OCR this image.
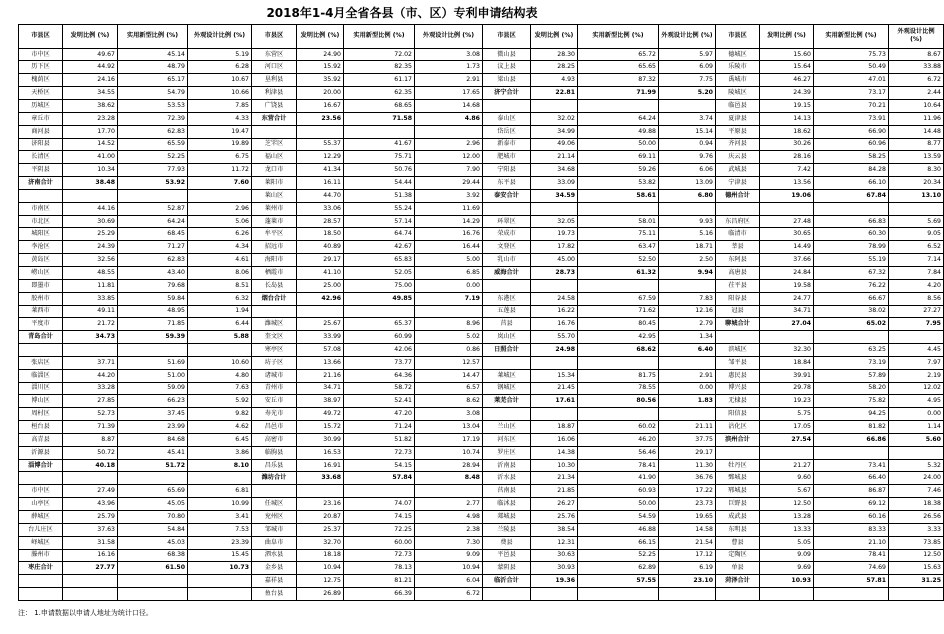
2018年1-4月全省各县（市、区）专利申请结构表
市县区	发明比例 (%)	实用新型比例 (%)	外观设计比例 (%)	市县区	发明比例 (%)	实用新型比例 (%)	外观设计比例 (%)	市县区	发明比例 (%)	实用新型比例 (%)	外观设计比例 (%)	市县区	发明比例 (%)	实用新型比例 (%)	外观设计比例 (%)
市中区	49.67	45.14	5.19	东营区	24.90	72.02	3.08	微山县	28.30	65.72	5.97	德城区	15.60	75.73	8.67
历下区	44.92	48.79	6.28	河口区	15.92	82.35	1.73	汶上县	28.25	65.65	6.09	乐陵市	15.64	50.49	33.88
槐荫区	24.16	65.17	10.67	垦利县	35.92	61.17	2.91	梁山县	4.93	87.32	7.75	禹城市	46.27	47.01	6.72
天桥区	34.55	54.79	10.66	利津县	20.00	62.35	17.65	济宁合计	22.81	71.99	5.20	陵城区	24.39	73.17	2.44
历城区	38.62	53.53	7.85	广饶县	16.67	68.65	14.68					临邑县	19.15	70.21	10.64
章丘市	23.28	72.39	4.33	东营合计	23.56	71.58	4.86	泰山区	32.02	64.24	3.74	夏津县	14.13	73.91	11.96
商河县	17.70	62.83	19.47					岱岳区	34.99	49.88	15.14	平原县	18.62	66.90	14.48
济阳县	14.52	65.59	19.89	芝罘区	55.37	41.67	2.96	新泰市	49.06	50.00	0.94	齐河县	30.26	60.96	8.77
长清区	41.00	52.25	6.75	福山区	12.29	75.71	12.00	肥城市	21.14	69.11	9.76	庆云县	28.16	58.25	13.59
平阴县	10.34	77.93	11.72	龙口市	41.34	50.76	7.90	宁阳县	34.68	59.26	6.06	武城县	7.42	84.28	8.30
济南合计	38.48	53.92	7.60	莱阳市	16.11	54.44	29.44	东平县	33.09	53.82	13.09	宁津县	13.56	66.10	20.34
				莱山区	44.70	51.38	3.92	泰安合计	34.59	58.61	6.80	德州合计	19.06	67.84	13.10
市南区	44.16	52.87	2.96	莱州市	33.06	55.24	11.69								
市北区	30.69	64.24	5.06	蓬莱市	28.57	57.14	14.29	环翠区	32.05	58.01	9.93	东昌府区	27.48	66.83	5.69
城阳区	25.29	68.45	6.26	牟平区	18.50	64.74	16.76	荣成市	19.73	75.11	5.16	临清市	30.65	60.30	9.05
李沧区	24.39	71.27	4.34	招远市	40.89	42.67	16.44	文登区	17.82	63.47	18.71	莘县	14.49	78.99	6.52
黄岛区	32.56	62.83	4.61	海阳市	29.17	65.83	5.00	乳山市	45.00	52.50	2.50	东阿县	37.66	55.19	7.14
崂山区	48.55	43.40	8.06	栖霞市	41.10	52.05	6.85	威海合计	28.73	61.32	9.94	高唐县	24.84	67.32	7.84
即墨市	11.81	79.68	8.51	长岛县	25.00	75.00	0.00					茌平县	19.58	76.22	4.20
胶州市	33.85	59.84	6.32	烟台合计	42.96	49.85	7.19	东港区	24.58	67.59	7.83	阳谷县	24.77	66.67	8.56
莱西市	49.11	48.95	1.94					五莲县	16.22	71.62	12.16	冠县	34.71	38.02	27.27
平度市	21.72	71.85	6.44	潍城区	25.67	65.37	8.96	莒县	16.76	80.45	2.79	聊城合计	27.04	65.02	7.95
青岛合计	34.73	59.39	5.88	奎文区	33.99	60.99	5.02	岚山区	55.70	42.95	1.34				
				寒亭区	57.08	42.06	0.86	日照合计	24.98	68.62	6.40	滨城区	32.30	63.25	4.45
张店区	37.71	51.69	10.60	坊子区	13.66	73.77	12.57					邹平县	18.84	73.19	7.97
临淄区	44.20	51.00	4.80	诸城市	21.16	64.36	14.47	莱城区	15.34	81.75	2.91	惠民县	39.91	57.89	2.19
淄川区	33.28	59.09	7.63	青州市	34.71	58.72	6.57	钢城区	21.45	78.55	0.00	博兴县	29.78	58.20	12.02
博山区	27.85	66.23	5.92	安丘市	38.97	52.41	8.62	莱芜合计	17.61	80.56	1.83	无棣县	19.23	75.82	4.95
周村区	52.73	37.45	9.82	寿光市	49.72	47.20	3.08					阳信县	5.75	94.25	0.00
桓台县	71.39	23.99	4.62	昌邑市	15.72	71.24	13.04	兰山区	18.87	60.02	21.11	沾化区	17.05	81.82	1.14
高青县	8.87	84.68	6.45	高密市	30.99	51.82	17.19	河东区	16.06	46.20	37.75	滨州合计	27.54	66.86	5.60
沂源县	50.72	45.41	3.86	临朐县	16.53	72.73	10.74	罗庄区	14.38	56.46	29.17				
淄博合计	40.18	51.72	8.10	昌乐县	16.91	54.15	28.94	沂南县	10.30	78.41	11.30	牡丹区	21.27	73.41	5.32
				潍坊合计	33.68	57.84	8.48	沂水县	21.34	41.90	36.76	鄄城县	9.60	66.40	24.00
市中区	27.49	65.69	6.81					莒南县	21.85	60.93	17.22	郓城县	5.67	86.87	7.46
山亭区	43.96	45.05	10.99	任城区	23.16	74.07	2.77	临沭县	26.27	50.00	23.73	巨野县	12.50	69.12	18.38
薛城区	25.79	70.80	3.41	兖州区	20.87	74.15	4.98	郯城县	25.76	54.59	19.65	成武县	13.28	60.16	26.56
台儿庄区	37.63	54.84	7.53	邹城市	25.37	72.25	2.38	兰陵县	38.54	46.88	14.58	东明县	13.33	83.33	3.33
峄城区	31.58	45.03	23.39	曲阜市	32.70	60.00	7.30	费县	12.31	66.15	21.54	曹县	5.05	21.10	73.85
滕州市	16.16	68.38	15.45	泗水县	18.18	72.73	9.09	平邑县	30.63	52.25	17.12	定陶区	9.09	78.41	12.50
枣庄合计	27.77	61.50	10.73	金乡县	10.94	78.13	10.94	蒙阴县	30.93	62.89	6.19	单县	9.69	74.69	15.63
				嘉祥县	12.75	81.21	6.04	临沂合计	19.36	57.55	23.10	菏泽合计	10.93	57.81	31.25
				鱼台县	26.89	66.39	6.72								
注： 1.申请数据以申请人地址为统计口径。
